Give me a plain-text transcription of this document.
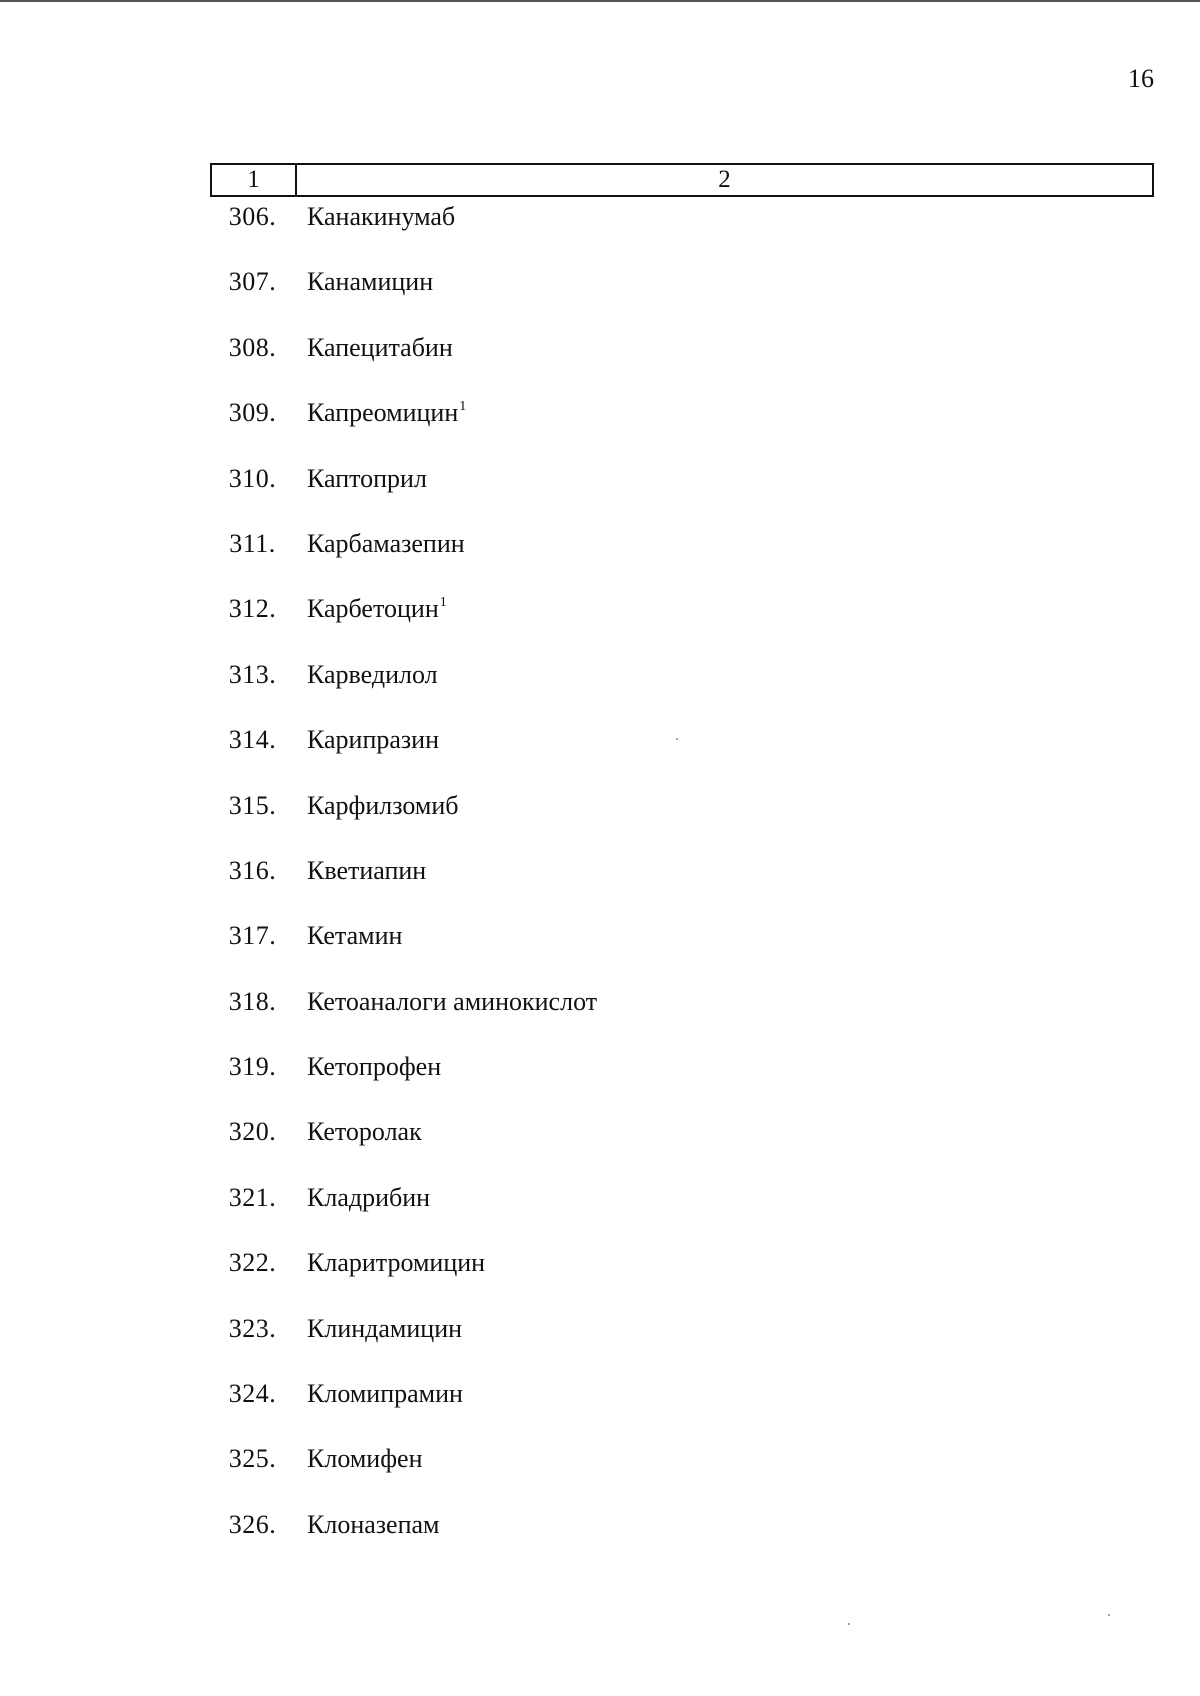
16
1	2
306.	Канакинумаб
307.	Канамицин
308.	Капецитабин
309.	Капреомицин$^1$
310.	Каптоприл
311.	Карбамазепин
312.	Карбетоцин$^1$
313.	Карведилол
314.	Карипразин
315.	Карфилзомиб
316.	Кветиапин
317.	Кетамин
318.	Кетоаналоги аминокислот
319.	Кетопрофен
320.	Кеторолак
321.	Кладрибин
322.	Кларитромицин
323.	Клиндамицин
324.	Кломипрамин
325.	Кломифен
326.	Клоназепам
